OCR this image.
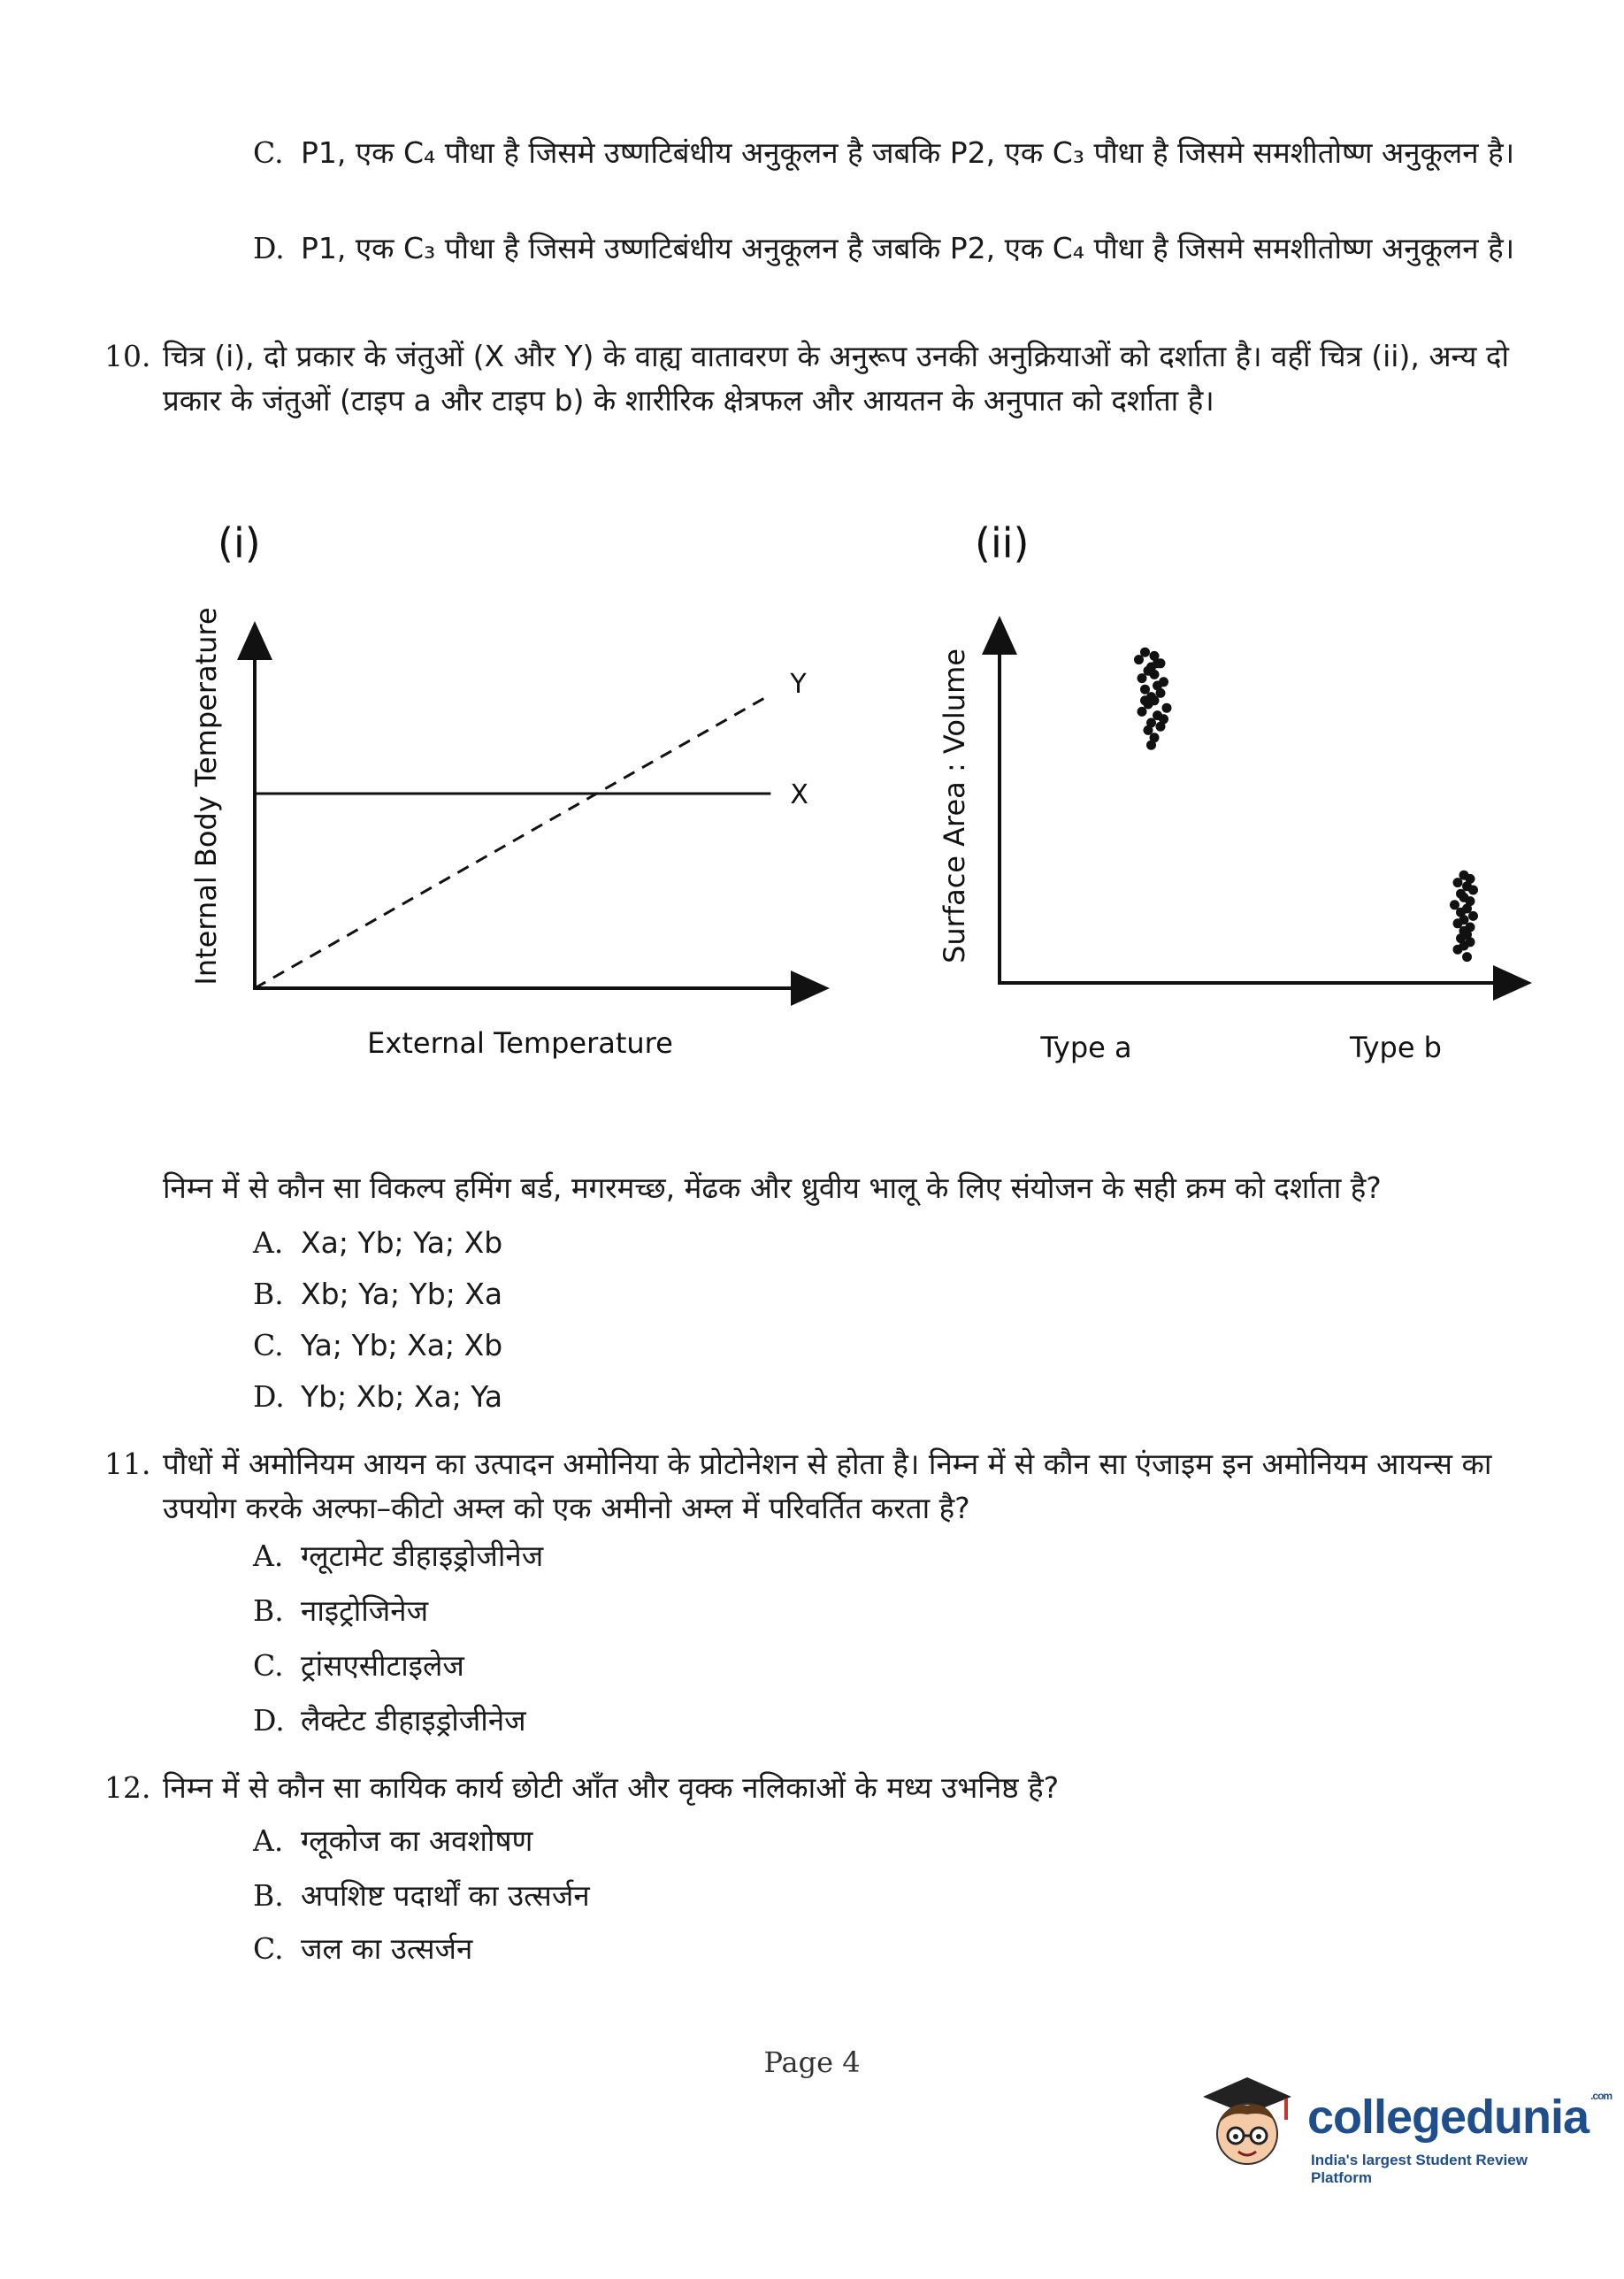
C. P1, एक C₄ पौधा है जिसमे उष्णटिबंधीय अनुकूलन है जबकि P2, एक C₃ पौधा है जिसमे समशीतोष्ण अनुकूलन है।
D. P1, एक C₃ पौधा है जिसमे उष्णटिबंधीय अनुकूलन है जबकि P2, एक C₄ पौधा है जिसमे समशीतोष्ण अनुकूलन है।
10. चित्र (i), दो प्रकार के जंतुओं (X और Y) के वाह्य वातावरण के अनुरूप उनकी अनुक्रियाओं को दर्शाता है। वहीं चित्र (ii), अन्य दो प्रकार के जंतुओं (टाइप a और टाइप b) के शारीरिक क्षेत्रफल और आयतन के अनुपात को दर्शाता है।
(i)
X
Y
External Temperature
Internal Body Temperature
(ii)
Type a	Type b
Surface Area : Volume
निम्न में से कौन सा विकल्प हमिंग बर्ड, मगरमच्छ, मेंढक और ध्रुवीय भालू के लिए संयोजन के सही क्रम को दर्शाता है?
A. Xa; Yb; Ya; Xb
B. Xb; Ya; Yb; Xa
C. Ya; Yb; Xa; Xb
D. Yb; Xb; Xa; Ya
11. पौधों में अमोनियम आयन का उत्पादन अमोनिया के प्रोटोनेशन से होता है। निम्न में से कौन सा एंजाइम इन अमोनियम आयन्स का उपयोग करके अल्फा–कीटो अम्ल को एक अमीनो अम्ल में परिवर्तित करता है?
A. ग्लूटामेट डीहाइड्रोजीनेज
B. नाइट्रोजिनेज
C. ट्रांसएसीटाइलेज
D. लैक्टेट डीहाइड्रोजीनेज
12. निम्न में से कौन सा कायिक कार्य छोटी आँत और वृक्क नलिकाओं के मध्य उभनिष्ठ है?
A. ग्लूकोज का अवशोषण
B. अपशिष्ट पदार्थों का उत्सर्जन
C. जल का उत्सर्जन
Page 4
collegedunia $^{.com}$
India's largest Student Review Platform
